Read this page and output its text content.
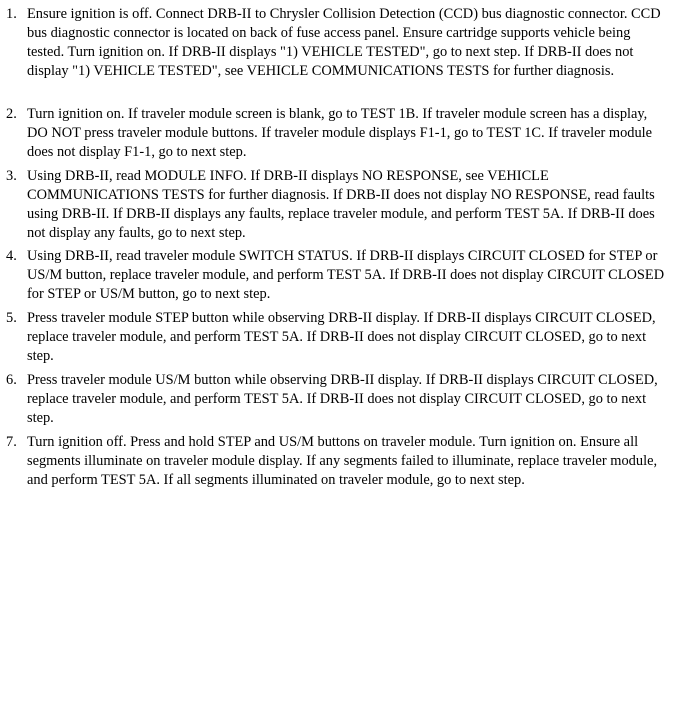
1. Ensure ignition is off. Connect DRB-II to Chrysler Collision Detection (CCD) bus diagnostic connector. CCD bus diagnostic connector is located on back of fuse access panel. Ensure cartridge supports vehicle being tested. Turn ignition on. If DRB-II displays "1) VEHICLE TESTED", go to next step. If DRB-II does not display "1) VEHICLE TESTED", see VEHICLE COMMUNICATIONS TESTS for further diagnosis.
2. Turn ignition on. If traveler module screen is blank, go to TEST 1B. If traveler module screen has a display, DO NOT press traveler module buttons. If traveler module displays F1-1, go to TEST 1C. If traveler module does not display F1-1, go to next step.
3. Using DRB-II, read MODULE INFO. If DRB-II displays NO RESPONSE, see VEHICLE COMMUNICATIONS TESTS for further diagnosis. If DRB-II does not display NO RESPONSE, read faults using DRB-II. If DRB-II displays any faults, replace traveler module, and perform TEST 5A. If DRB-II does not display any faults, go to next step.
4. Using DRB-II, read traveler module SWITCH STATUS. If DRB-II displays CIRCUIT CLOSED for STEP or US/M button, replace traveler module, and perform TEST 5A. If DRB-II does not display CIRCUIT CLOSED for STEP or US/M button, go to next step.
5. Press traveler module STEP button while observing DRB-II display. If DRB-II displays CIRCUIT CLOSED, replace traveler module, and perform TEST 5A. If DRB-II does not display CIRCUIT CLOSED, go to next step.
6. Press traveler module US/M button while observing DRB-II display. If DRB-II displays CIRCUIT CLOSED, replace traveler module, and perform TEST 5A. If DRB-II does not display CIRCUIT CLOSED, go to next step.
7. Turn ignition off. Press and hold STEP and US/M buttons on traveler module. Turn ignition on. Ensure all segments illuminate on traveler module display. If any segments failed to illuminate, replace traveler module, and perform TEST 5A. If all segments illuminated on traveler module, go to next step.
